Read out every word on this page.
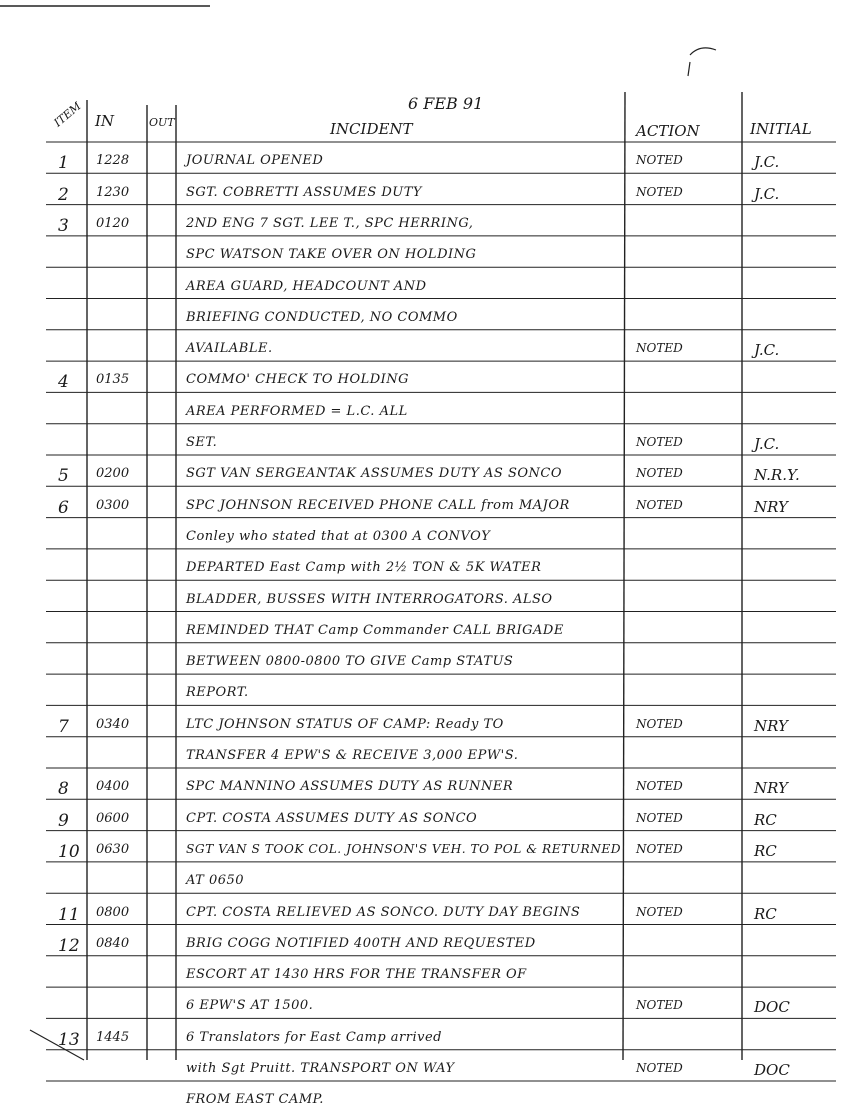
6 FEB 91
ITEM IN	OUT	INCIDENT	ACTION	INITIAL
1 1228	JOURNAL OPENED	NOTED	J.C.
2 1230	SGT. COBRETTI ASSUMES DUTY	NOTED	J.C.
3 0120	2ND ENG 7 SGT. LEE T., SPC HERRING,
SPC WATSON TAKE OVER ON HOLDING
AREA GUARD, HEADCOUNT AND
BRIEFING CONDUCTED, NO COMMO
AVAILABLE.	NOTED	J.C.
4 0135	COMMO' CHECK TO HOLDING
AREA PERFORMED = L.C. ALL
SET.	NOTED	J.C.
5 0200	SGT VAN SERGEANTAK ASSUMES DUTY AS SONCO	NOTED	N.R.Y.
6 0300	SPC JOHNSON RECEIVED PHONE CALL from MAJOR	NOTED	NRY
Conley who stated that at 0300 A CONVOY
DEPARTED East Camp with 2½ TON & 5K WATER
BLADDER, BUSSES WITH INTERROGATORS. ALSO
REMINDED THAT Camp Commander CALL BRIGADE
BETWEEN 0800-0800 TO GIVE Camp STATUS
REPORT.
7 0340	LTC JOHNSON STATUS OF CAMP: Ready TO	NOTED	NRY
TRANSFER 4 EPW'S & RECEIVE 3,000 EPW'S.
8 0400	SPC MANNINO ASSUMES DUTY AS RUNNER	NOTED	NRY
9 0600	CPT. COSTA ASSUMES DUTY AS SONCO	NOTED	RC
10 0630	SGT VAN S TOOK COL. JOHNSON'S VEH. TO POL & RETURNED NOTED	RC
AT 0650
11 0800	CPT. COSTA RELIEVED AS SONCO. DUTY DAY BEGINS	NOTED	RC
12 0840	BRIG COGG NOTIFIED 400TH AND REQUESTED
ESCORT AT 1430 HRS FOR THE TRANSFER OF
6 EPW'S AT 1500.	NOTED	DOC
13 1445	6 Translators for East Camp arrived
with Sgt Pruitt. TRANSPORT ON WAY	NOTED	DOC
FROM EAST CAMP.
